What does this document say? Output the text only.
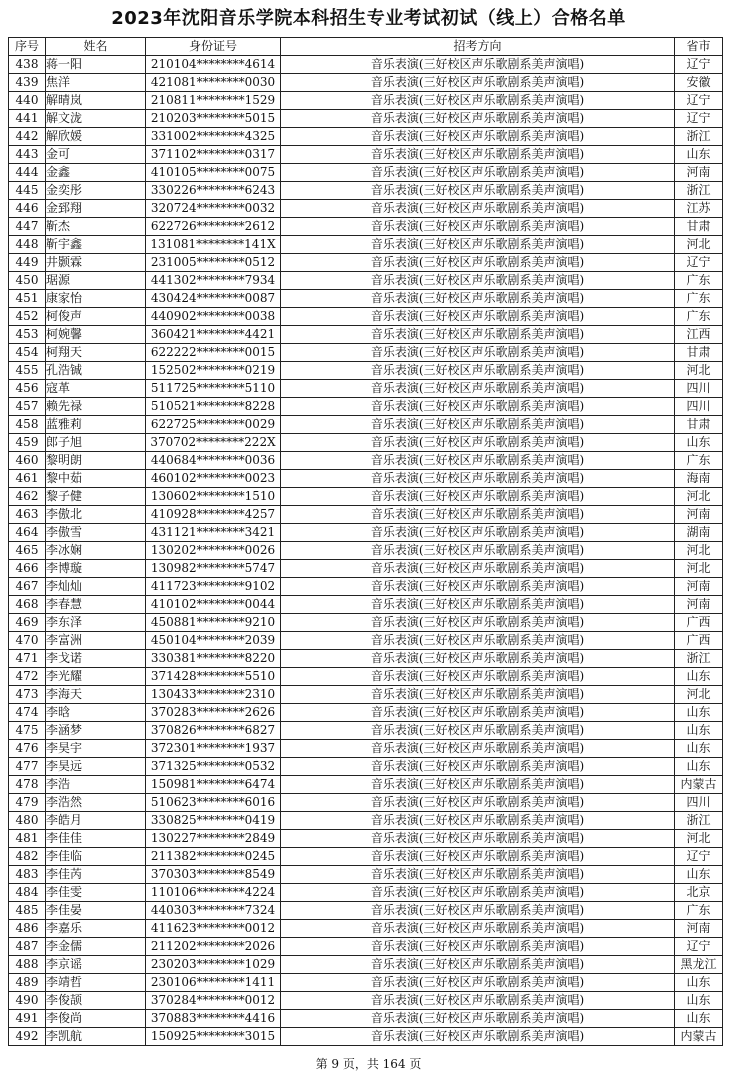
2023年沈阳音乐学院本科招生专业考试初试（线上）合格名单
序号	姓名	身份证号	招考方向	省市
438	蒋一阳	210104********4614	音乐表演(三好校区声乐歌剧系美声演唱)	辽宁
439	焦洋	421081********0030	音乐表演(三好校区声乐歌剧系美声演唱)	安徽
440	解晴岚	210811********1529	音乐表演(三好校区声乐歌剧系美声演唱)	辽宁
441	解文泷	210203********5015	音乐表演(三好校区声乐歌剧系美声演唱)	辽宁
442	解欣媛	331002********4325	音乐表演(三好校区声乐歌剧系美声演唱)	浙江
443	金可	371102********0317	音乐表演(三好校区声乐歌剧系美声演唱)	山东
444	金鑫	410105********0075	音乐表演(三好校区声乐歌剧系美声演唱)	河南
445	金奕彤	330226********6243	音乐表演(三好校区声乐歌剧系美声演唱)	浙江
446	金郅翔	320724********0032	音乐表演(三好校区声乐歌剧系美声演唱)	江苏
447	靳杰	622726********2612	音乐表演(三好校区声乐歌剧系美声演唱)	甘肃
448	靳宇鑫	131081********141X	音乐表演(三好校区声乐歌剧系美声演唱)	河北
449	井颢霖	231005********0512	音乐表演(三好校区声乐歌剧系美声演唱)	辽宁
450	琚源	441302********7934	音乐表演(三好校区声乐歌剧系美声演唱)	广东
451	康家怡	430424********0087	音乐表演(三好校区声乐歌剧系美声演唱)	广东
452	柯俊声	440902********0038	音乐表演(三好校区声乐歌剧系美声演唱)	广东
453	柯婉馨	360421********4421	音乐表演(三好校区声乐歌剧系美声演唱)	江西
454	柯翔天	622222********0015	音乐表演(三好校区声乐歌剧系美声演唱)	甘肃
455	孔浩铖	152502********0219	音乐表演(三好校区声乐歌剧系美声演唱)	河北
456	寇革	511725********5110	音乐表演(三好校区声乐歌剧系美声演唱)	四川
457	赖先禄	510521********8228	音乐表演(三好校区声乐歌剧系美声演唱)	四川
458	蓝雅莉	622725********0029	音乐表演(三好校区声乐歌剧系美声演唱)	甘肃
459	郎子旭	370702********222X	音乐表演(三好校区声乐歌剧系美声演唱)	山东
460	黎明朗	440684********0036	音乐表演(三好校区声乐歌剧系美声演唱)	广东
461	黎中茹	460102********0023	音乐表演(三好校区声乐歌剧系美声演唱)	海南
462	黎子健	130602********1510	音乐表演(三好校区声乐歌剧系美声演唱)	河北
463	李傲北	410928********4257	音乐表演(三好校区声乐歌剧系美声演唱)	河南
464	李傲雪	431121********3421	音乐表演(三好校区声乐歌剧系美声演唱)	湖南
465	李冰娴	130202********0026	音乐表演(三好校区声乐歌剧系美声演唱)	河北
466	李博璇	130982********5747	音乐表演(三好校区声乐歌剧系美声演唱)	河北
467	李灿灿	411723********9102	音乐表演(三好校区声乐歌剧系美声演唱)	河南
468	李春慧	410102********0044	音乐表演(三好校区声乐歌剧系美声演唱)	河南
469	李东泽	450881********9210	音乐表演(三好校区声乐歌剧系美声演唱)	广西
470	李富洲	450104********2039	音乐表演(三好校区声乐歌剧系美声演唱)	广西
471	李戈诺	330381********8220	音乐表演(三好校区声乐歌剧系美声演唱)	浙江
472	李光耀	371428********5510	音乐表演(三好校区声乐歌剧系美声演唱)	山东
473	李海天	130433********2310	音乐表演(三好校区声乐歌剧系美声演唱)	河北
474	李晗	370283********2626	音乐表演(三好校区声乐歌剧系美声演唱)	山东
475	李涵梦	370826********6827	音乐表演(三好校区声乐歌剧系美声演唱)	山东
476	李昊宇	372301********1937	音乐表演(三好校区声乐歌剧系美声演唱)	山东
477	李昊远	371325********0532	音乐表演(三好校区声乐歌剧系美声演唱)	山东
478	李浩	150981********6474	音乐表演(三好校区声乐歌剧系美声演唱)	内蒙古
479	李浩然	510623********6016	音乐表演(三好校区声乐歌剧系美声演唱)	四川
480	李皓月	330825********0419	音乐表演(三好校区声乐歌剧系美声演唱)	浙江
481	李佳佳	130227********2849	音乐表演(三好校区声乐歌剧系美声演唱)	河北
482	李佳临	211382********0245	音乐表演(三好校区声乐歌剧系美声演唱)	辽宁
483	李佳芮	370303********8549	音乐表演(三好校区声乐歌剧系美声演唱)	山东
484	李佳雯	110106********4224	音乐表演(三好校区声乐歌剧系美声演唱)	北京
485	李佳晏	440303********7324	音乐表演(三好校区声乐歌剧系美声演唱)	广东
486	李嘉乐	411623********0012	音乐表演(三好校区声乐歌剧系美声演唱)	河南
487	李金儒	211202********2026	音乐表演(三好校区声乐歌剧系美声演唱)	辽宁
488	李京谣	230203********1029	音乐表演(三好校区声乐歌剧系美声演唱)	黑龙江
489	李靖哲	230106********1411	音乐表演(三好校区声乐歌剧系美声演唱)	山东
490	李俊颉	370284********0012	音乐表演(三好校区声乐歌剧系美声演唱)	山东
491	李俊尚	370883********4416	音乐表演(三好校区声乐歌剧系美声演唱)	山东
492	李凯航	150925********3015	音乐表演(三好校区声乐歌剧系美声演唱)	内蒙古
第 9 页，共 164 页
